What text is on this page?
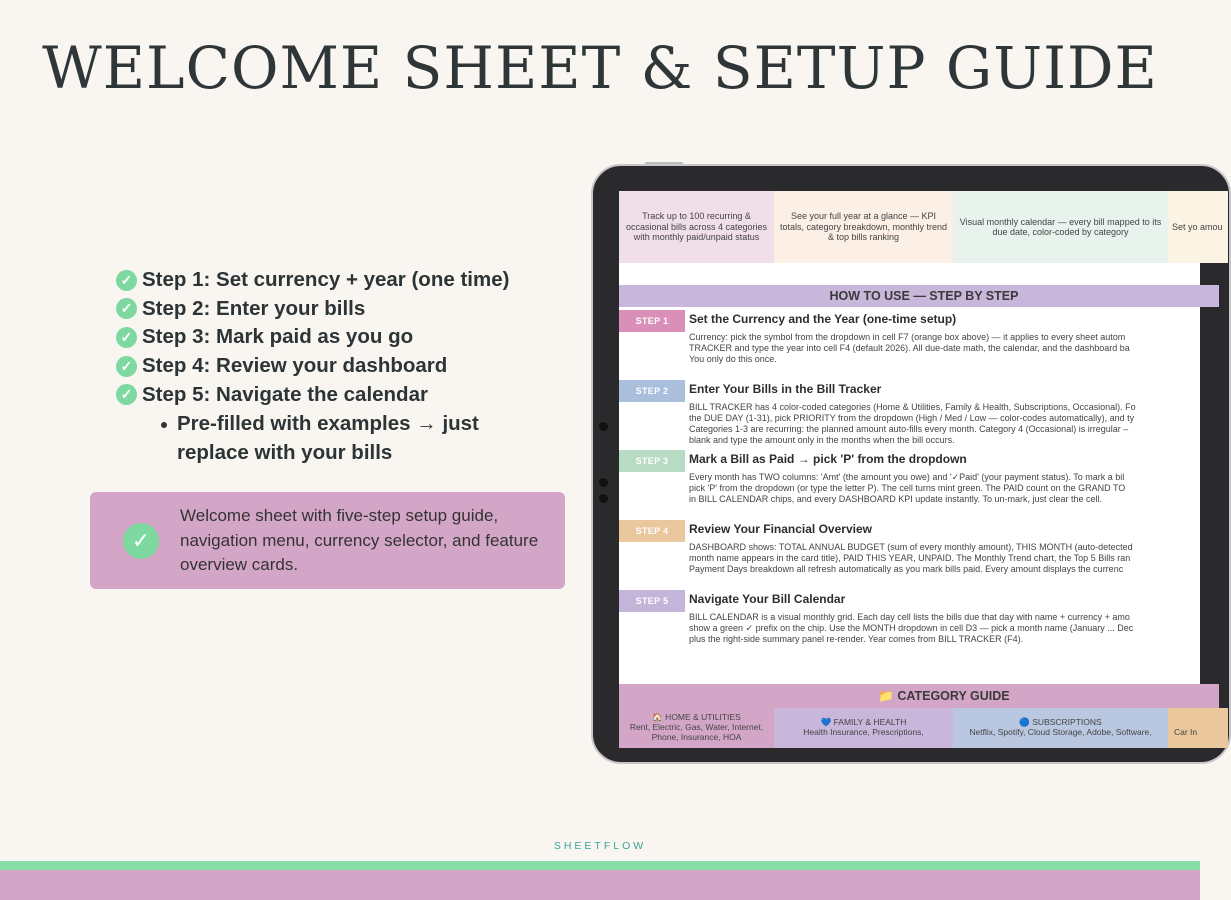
WELCOME SHEET & SETUP GUIDE
✓ Step 1: Set currency + year (one time)
✓ Step 2: Enter your bills
✓ Step 3: Mark paid as you go
✓ Step 4: Review your dashboard
✓ Step 5: Navigate the calendar
Pre-filled with examples → just replace with your bills
✓
Welcome sheet with five-step setup guide, navigation menu, currency selector, and feature overview cards.
Track up to 100 recurring & occasional bills across 4 categories with monthly paid/unpaid status
See your full year at a glance — KPI totals, category breakdown, monthly trend & top bills ranking
Visual monthly calendar — every bill mapped to its due date, color-coded by category
Set yo amou
HOW TO USE — STEP BY STEP
STEP 1	Set the Currency and the Year (one-time setup)
Currency: pick the symbol from the dropdown in cell F7 (orange box above) — it applies to every sheet autom
TRACKER and type the year into cell F4 (default 2026). All due-date math, the calendar, and the dashboard ba
You only do this once.
STEP 2	Enter Your Bills in the Bill Tracker
BILL TRACKER has 4 color-coded categories (Home & Utilities, Family & Health, Subscriptions, Occasional). Fo
the DUE DAY (1-31), pick PRIORITY from the dropdown (High / Med / Low — color-codes automatically), and ty
Categories 1-3 are recurring: the planned amount auto-fills every month. Category 4 (Occasional) is irregular –
blank and type the amount only in the months when the bill occurs.
STEP 3	Mark a Bill as Paid → pick 'P' from the dropdown
Every month has TWO columns: 'Amt' (the amount you owe) and '✓Paid' (your payment status). To mark a bil
pick 'P' from the dropdown (or type the letter P). The cell turns mint green. The PAID count on the GRAND TO
in BILL CALENDAR chips, and every DASHBOARD KPI update instantly. To un-mark, just clear the cell.
STEP 4	Review Your Financial Overview
DASHBOARD shows: TOTAL ANNUAL BUDGET (sum of every monthly amount), THIS MONTH (auto-detected
month name appears in the card title), PAID THIS YEAR, UNPAID. The Monthly Trend chart, the Top 5 Bills ran
Payment Days breakdown all refresh automatically as you mark bills paid. Every amount displays the currenc
STEP 5	Navigate Your Bill Calendar
BILL CALENDAR is a visual monthly grid. Each day cell lists the bills due that day with name + currency + amo
show a green ✓ prefix on the chip. Use the MONTH dropdown in cell D3 — pick a month name (January ... Dec
plus the right-side summary panel re-render. Year comes from BILL TRACKER (F4).
📁 CATEGORY GUIDE
🏠 HOME & UTILITIES
Rent, Electric, Gas, Water, Internet,
Phone, Insurance, HOA
💙 FAMILY & HEALTH
Health Insurance, Prescriptions,
🔵 SUBSCRIPTIONS
Netflix, Spotify, Cloud Storage, Adobe, Software,	Car In
SHEETFLOW
